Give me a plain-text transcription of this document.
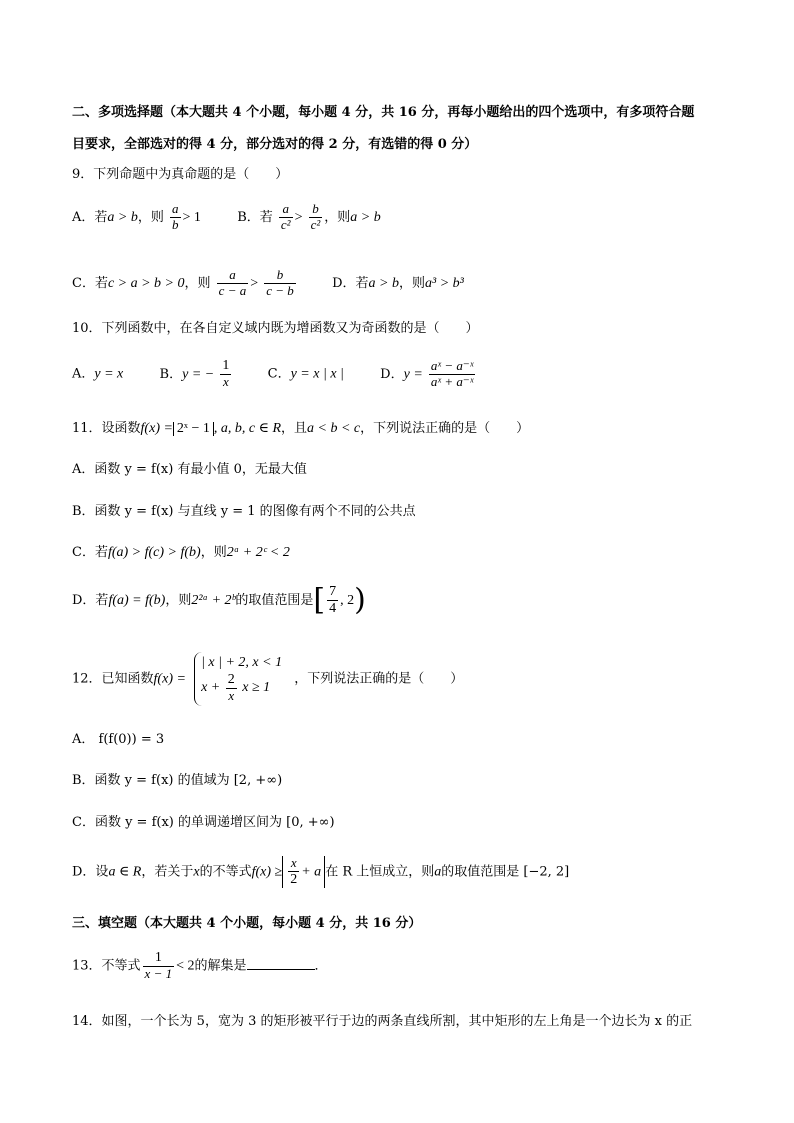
二、多项选择题（本大题共 4 个小题，每小题 4 分，共 16 分，再每小题给出的四个选项中，有多项符合题
目要求，全部选对的得 4 分，部分选对的得 2 分，有选错的得 0 分）
9．下列命题中为真命题的是（　　）
A．若a > b，则 $\frac{a}{b} > 1$	B．若 $\frac{a}{\text{c²}} > \frac{b}{\text{c²}}$ ，则a > b
C．若c > a > b > 0，则 $\frac{a}{c - a} > \frac{b}{c - b}$	D．若a > b，则a³ > b³
10．下列函数中，在各自定义域内既为增函数又为奇函数的是（　　）
A．y = x	B．y = − $\frac{1}{x}$	C．y = x | x |	D．$y = \frac{\text{aˣ − a⁻ˣ}}{\text{aˣ + a⁻ˣ}}$
11．设函数f(x) = 2ˣ − 1 , a, b, c ∈ R，且a < b < c，下列说法正确的是（　　）
A．函数 y = f(x) 有最小值 0，无最大值
B．函数 y = f(x) 与直线 y = 1 的图像有两个不同的公共点
C．若f(a) > f(c) > f(b)，则2ᵃ + 2ᶜ < 2
D．若f(a) = f(b)，则2²ᵃ + 2ᵇ的取值范围是[ $\frac{7}{4}$ , 2)
12．已知函数f(x) =
| x | + 2, x < 1
$x + \frac{2}{x}$ x ≥ 1
，下列说法正确的是（　　）
A． f(f(0)) = 3
B．函数 y = f(x) 的值域为 [2, +∞)
C．函数 y = f(x) 的单调递增区间为 [0, +∞)
D．设a ∈ R，若关于x的不等式$f(x) \ge \frac{x}{2} + a$ 在 R 上恒成立，则a的取值范围是 [−2, 2]
三、填空题（本大题共 4 个小题，每小题 4 分，共 16 分）
13．不等式 $\frac{1}{x - 1} < 2$的解集是	．
14．如图，一个长为 5，宽为 3 的矩形被平行于边的两条直线所割，其中矩形的左上角是一个边长为 x 的正
